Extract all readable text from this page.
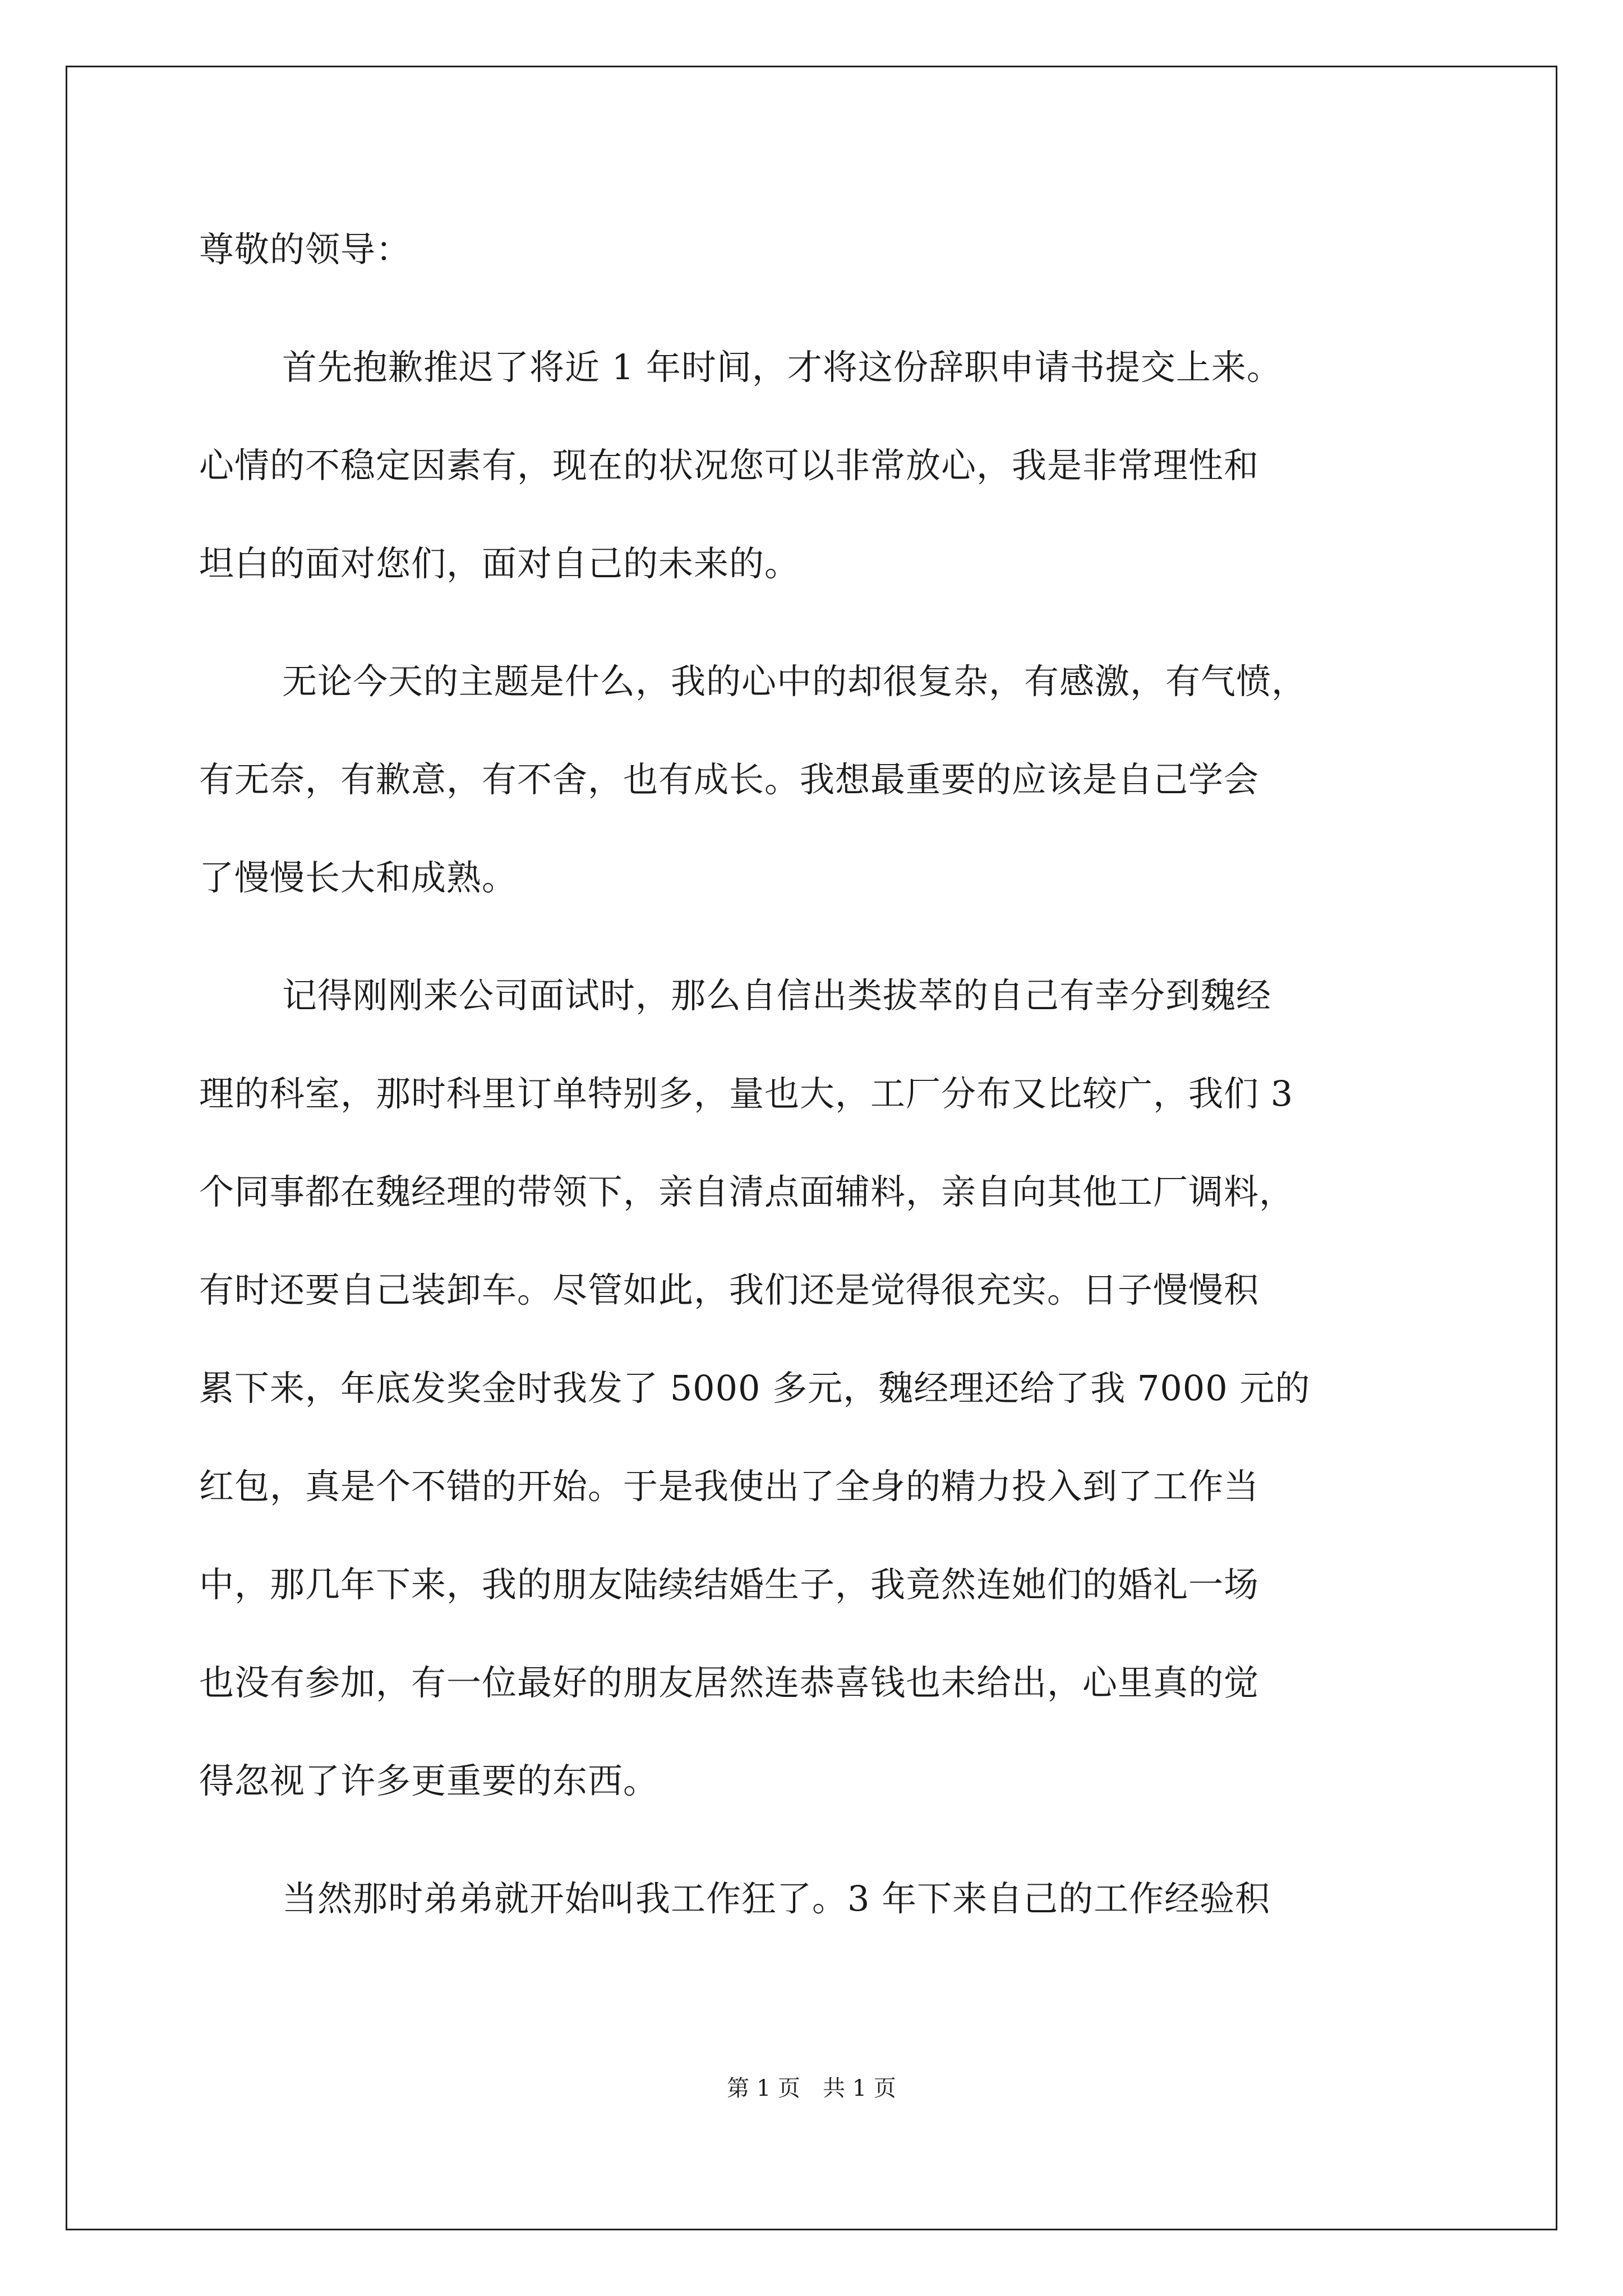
尊敬的领导：
首先抱歉推迟了将近 1 年时间，才将这份辞职申请书提交上来。
心情的不稳定因素有，现在的状况您可以非常放心，我是非常理性和
坦白的面对您们，面对自己的未来的。
无论今天的主题是什么，我的心中的却很复杂，有感激，有气愤，
有无奈，有歉意，有不舍，也有成长。我想最重要的应该是自己学会
了慢慢长大和成熟。
记得刚刚来公司面试时，那么自信出类拔萃的自己有幸分到魏经
理的科室，那时科里订单特别多，量也大，工厂分布又比较广，我们 3
个同事都在魏经理的带领下，亲自清点面辅料，亲自向其他工厂调料，
有时还要自己装卸车。尽管如此，我们还是觉得很充实。日子慢慢积
累下来，年底发奖金时我发了 5000 多元，魏经理还给了我 7000 元的
红包，真是个不错的开始。于是我使出了全身的精力投入到了工作当
中，那几年下来，我的朋友陆续结婚生子，我竟然连她们的婚礼一场
也没有参加，有一位最好的朋友居然连恭喜钱也未给出，心里真的觉
得忽视了许多更重要的东西。
当然那时弟弟就开始叫我工作狂了。3 年下来自己的工作经验积
第 1 页　共 1 页
